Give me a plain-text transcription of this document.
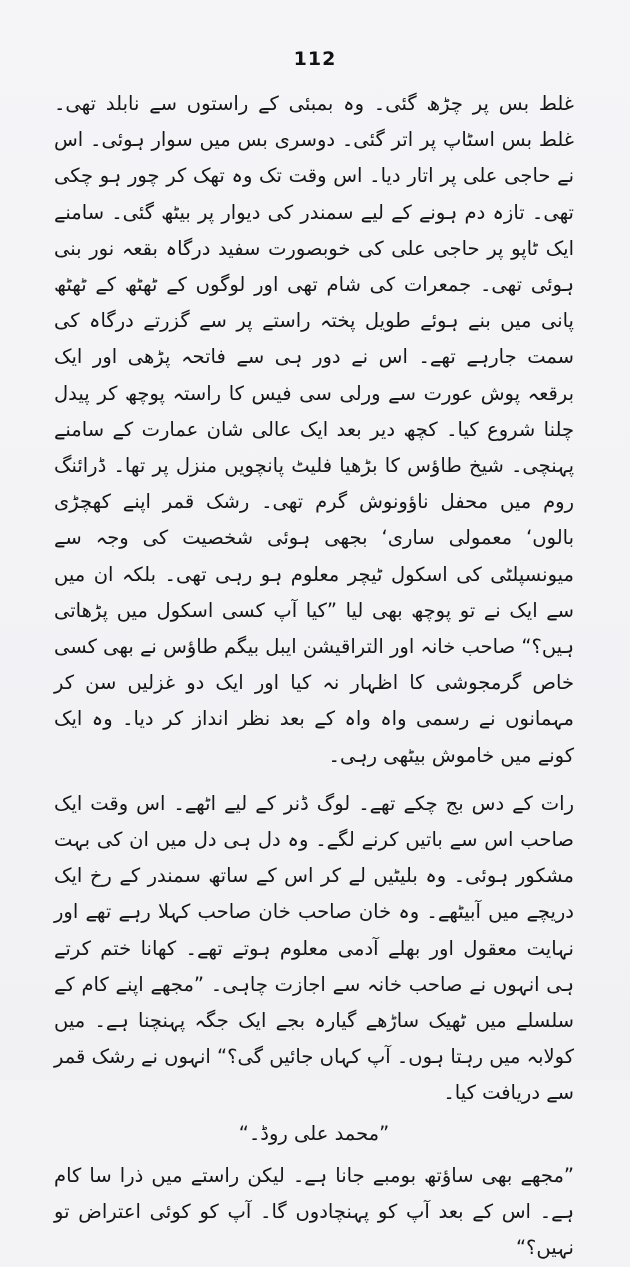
112

غلط بس پر چڑھ گئی۔ وہ بمبئی کے راستوں سے نابلد تھی۔ غلط بس اسٹاپ پر اتر گئی۔ دوسری بس میں سوار ہوئی۔ اس نے حاجی علی پر اتار دیا۔ اس وقت تک وہ تھک کر چور ہو چکی تھی۔ تازہ دم ہونے کے لیے سمندر کی دیوار پر بیٹھ گئی۔ سامنے ایک ٹاپو پر حاجی علی کی خوبصورت سفید درگاہ بقعہ نور بنی ہوئی تھی۔ جمعرات کی شام تھی اور لوگوں کے ٹھٹھ کے ٹھٹھ پانی میں بنے ہوئے طویل پختہ راستے پر سے گزرتے درگاہ کی سمت جارہے تھے۔ اس نے دور ہی سے فاتحہ پڑھی اور ایک برقعہ پوش عورت سے ورلی سی فیس کا راستہ پوچھ کر پیدل چلنا شروع کیا۔ کچھ دیر بعد ایک عالی شان عمارت کے سامنے پہنچی۔ شیخ طاؤس کا بڑھیا فلیٹ پانچویں منزل پر تھا۔ ڈرائنگ روم میں محفل ناؤونوش گرم تھی۔ رشک قمر اپنے کھچڑی بالوں‘ معمولی ساری‘ بجھی ہوئی شخصیت کی وجہ سے میونسپلٹی کی اسکول ٹیچر معلوم ہو رہی تھی۔ بلکہ ان میں سے ایک نے تو پوچھ بھی لیا ”کیا آپ کسی اسکول میں پڑھاتی ہیں؟“ صاحب خانہ اور التراقیشن ایبل بیگم طاؤس نے بھی کسی خاص گرمجوشی کا اظہار نہ کیا اور ایک دو غزلیں سن کر مہمانوں نے رسمی واہ واہ کے بعد نظر انداز کر دیا۔ وہ ایک کونے میں خاموش بیٹھی رہی۔

رات کے دس بج چکے تھے۔ لوگ ڈنر کے لیے اٹھے۔ اس وقت ایک صاحب اس سے باتیں کرنے لگے۔ وہ دل ہی دل میں ان کی بہت مشکور ہوئی۔ وہ بلیٹیں لے کر اس کے ساتھ سمندر کے رخ ایک دریچے میں آبیٹھے۔ وہ خان صاحب خان صاحب کہلا رہے تھے اور نہایت معقول اور بھلے آدمی معلوم ہوتے تھے۔ کھانا ختم کرتے ہی انہوں نے صاحب خانہ سے اجازت چاہی۔ ”مجھے اپنے کام کے سلسلے میں ٹھیک ساڑھے گیارہ بجے ایک جگہ پہنچنا ہے۔ میں کولابہ میں رہتا ہوں۔ آپ کہاں جائیں گی؟“ انہوں نے رشک قمر سے دریافت کیا۔

”محمد علی روڈ۔“

”مجھے بھی ساؤتھ بومبے جانا ہے۔ لیکن راستے میں ذرا سا کام ہے۔ اس کے بعد آپ کو پہنچادوں گا۔ آپ کو کوئی اعتراض تو نہیں؟“
